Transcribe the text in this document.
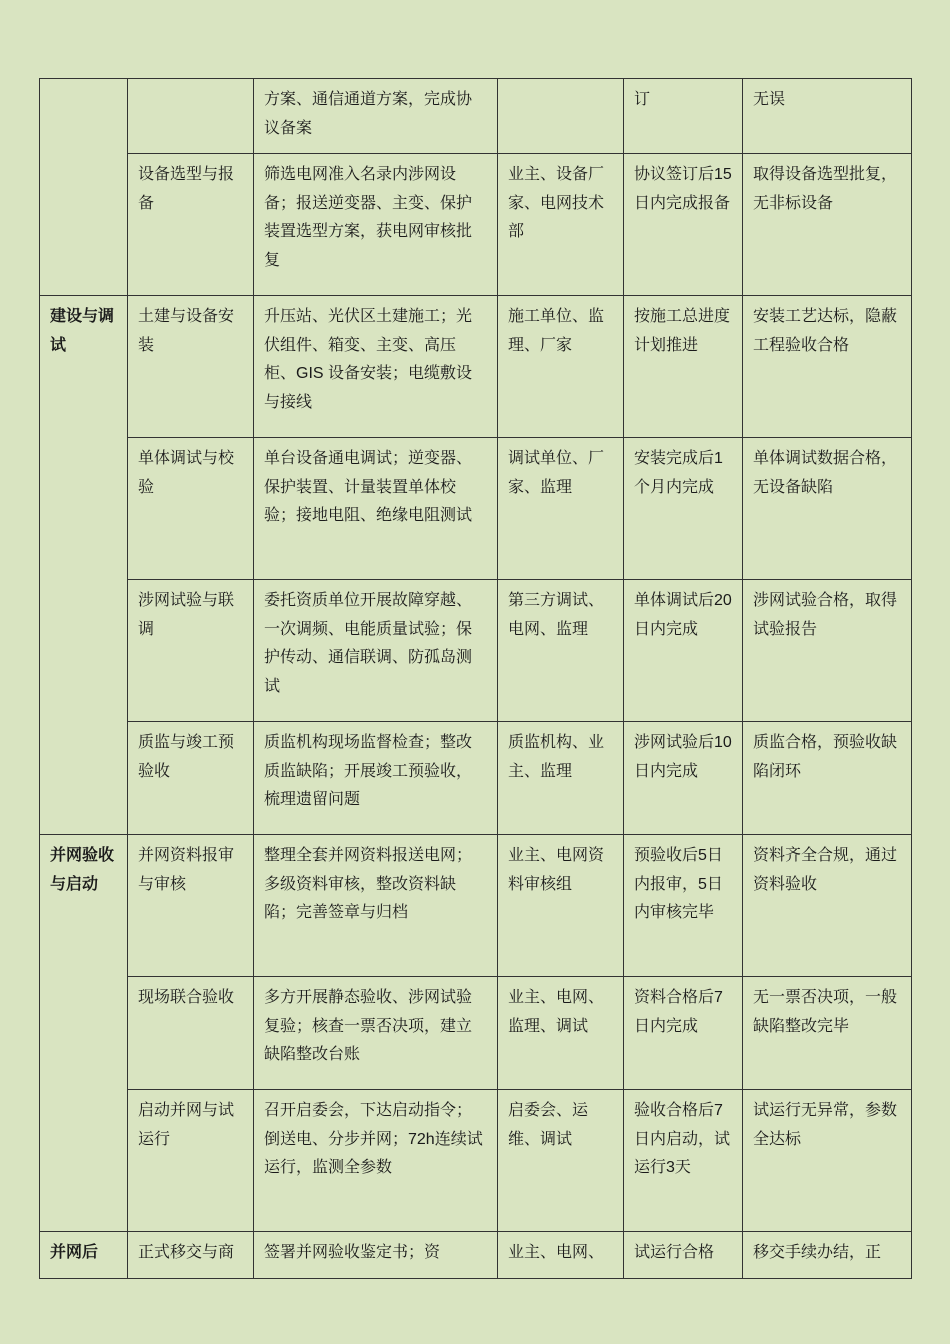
		方案、通信通道方案，完成协议备案		订	无误
	设备选型与报备	筛选电网准入名录内涉网设备；报送逆变器、主变、保护装置选型方案，获电网审核批复	业主、设备厂家、电网技术部	协议签订后15日内完成报备	取得设备选型批复，无非标设备
建设与调试	土建与设备安装	升压站、光伏区土建施工；光伏组件、箱变、主变、高压柜、GIS 设备安装；电缆敷设与接线	施工单位、监理、厂家	按施工总进度计划推进	安装工艺达标，隐蔽工程验收合格
	单体调试与校验	单台设备通电调试；逆变器、保护装置、计量装置单体校验；接地电阻、绝缘电阻测试	调试单位、厂家、监理	安装完成后1个月内完成	单体调试数据合格，无设备缺陷
	涉网试验与联调	委托资质单位开展故障穿越、一次调频、电能质量试验；保护传动、通信联调、防孤岛测试	第三方调试、电网、监理	单体调试后20日内完成	涉网试验合格，取得试验报告
	质监与竣工预验收	质监机构现场监督检查；整改质监缺陷；开展竣工预验收，梳理遗留问题	质监机构、业主、监理	涉网试验后10日内完成	质监合格，预验收缺陷闭环
并网验收与启动	并网资料报审与审核	整理全套并网资料报送电网；多级资料审核，整改资料缺陷；完善签章与归档	业主、电网资料审核组	预验收后5日内报审，5日内审核完毕	资料齐全合规，通过资料验收
	现场联合验收	多方开展静态验收、涉网试验复验；核查一票否决项，建立缺陷整改台账	业主、电网、监理、调试	资料合格后7日内完成	无一票否决项，一般缺陷整改完毕
	启动并网与试运行	召开启委会，下达启动指令；倒送电、分步并网；72h连续试运行，监测全参数	启委会、运维、调试	验收合格后7日内启动，试运行3天	试运行无异常，参数全达标
并网后	正式移交与商	签署并网验收鉴定书；资	业主、电网、	试运行合格	移交手续办结，正
